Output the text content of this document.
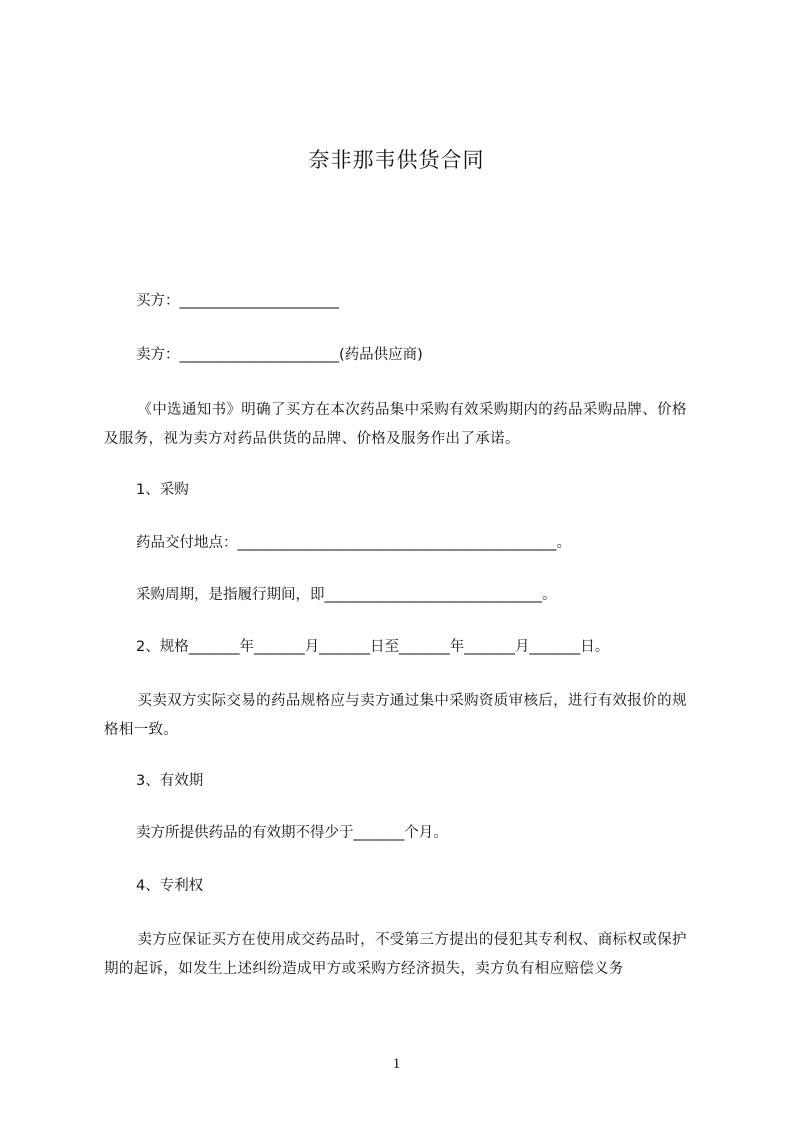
奈非那韦供货合同
买方：______________________
卖方：______________________(药品供应商)
《中选通知书》明确了买方在本次药品集中采购有效采购期内的药品采购品牌、价格及服务，视为卖方对药品供货的品牌、价格及服务作出了承诺。
1、采购
药品交付地点：____________________________________________。
采购周期，是指履行期间，即______________________________。
2、规格_______年_______月_______日至_______年_______月_______日。
买卖双方实际交易的药品规格应与卖方通过集中采购资质审核后，进行有效报价的规格相一致。
3、有效期
卖方所提供药品的有效期不得少于_______个月。
4、专利权
卖方应保证买方在使用成交药品时，不受第三方提出的侵犯其专利权、商标权或保护期的起诉，如发生上述纠纷造成甲方或采购方经济损失，卖方负有相应赔偿义务
1
